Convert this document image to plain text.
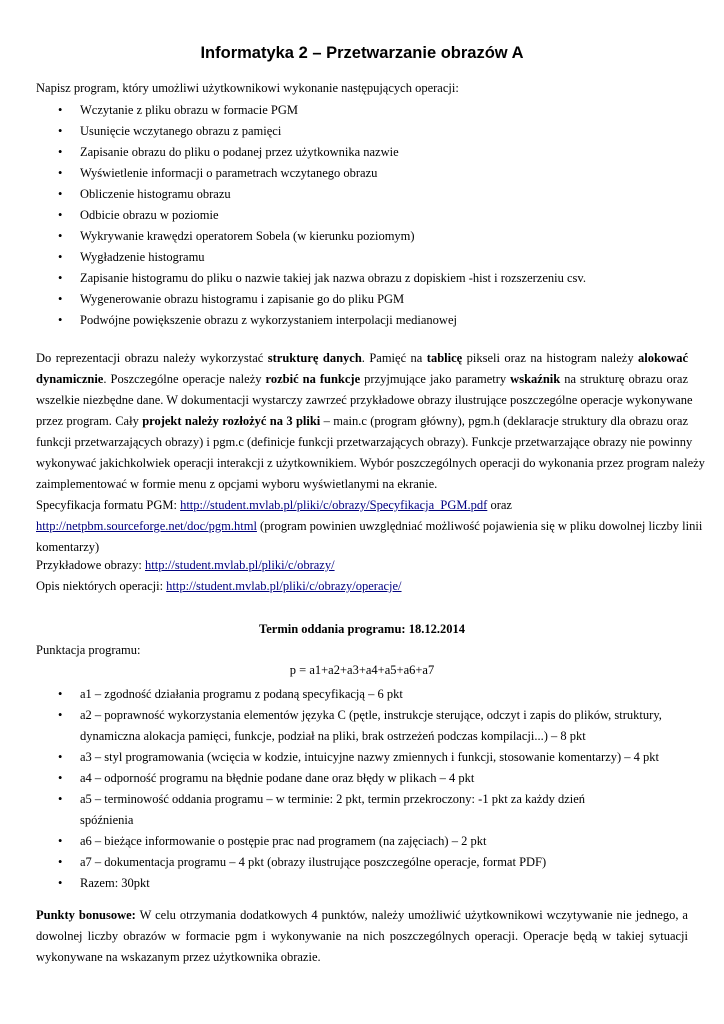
Informatyka 2 – Przetwarzanie obrazów A
Napisz program, który umożliwi użytkownikowi wykonanie następujących operacji:
• Wczytanie z pliku obrazu w formacie PGM
• Usunięcie wczytanego obrazu z pamięci
• Zapisanie obrazu do pliku o podanej przez użytkownika nazwie
• Wyświetlenie informacji o parametrach wczytanego obrazu
• Obliczenie histogramu obrazu
• Odbicie obrazu w poziomie
• Wykrywanie krawędzi operatorem Sobela (w kierunku poziomym)
• Wygładzenie histogramu
• Zapisanie histogramu do pliku o nazwie takiej jak nazwa obrazu z dopiskiem -hist i rozszerzeniu csv.
• Wygenerowanie obrazu histogramu i zapisanie go do pliku PGM
• Podwójne powiększenie obrazu z wykorzystaniem interpolacji medianowej
Do reprezentacji obrazu należy wykorzystać strukturę danych. Pamięć na tablicę pikseli oraz na histogram należy alokować
dynamicznie. Poszczególne operacje należy rozbić na funkcje przyjmujące jako parametry wskaźnik na strukturę obrazu oraz
wszelkie niezbędne dane. W dokumentacji wystarczy zawrzeć przykładowe obrazy ilustrujące poszczególne operacje wykonywane
przez program. Cały projekt należy rozłożyć na 3 pliki – main.c (program główny), pgm.h (deklaracje struktury dla obrazu oraz
funkcji przetwarzających obrazy) i pgm.c (definicje funkcji przetwarzających obrazy). Funkcje przetwarzające obrazy nie powinny
wykonywać jakichkolwiek operacji interakcji z użytkownikiem. Wybór poszczególnych operacji do wykonania przez program należy
zaimplementować w formie menu z opcjami wyboru wyświetlanymi na ekranie.
Specyfikacja formatu PGM: http://student.mvlab.pl/pliki/c/obrazy/Specyfikacja_PGM.pdf oraz
http://netpbm.sourceforge.net/doc/pgm.html (program powinien uwzględniać możliwość pojawienia się w pliku dowolnej liczby linii
komentarzy)
Przykładowe obrazy: http://student.mvlab.pl/pliki/c/obrazy/
Opis niektórych operacji: http://student.mvlab.pl/pliki/c/obrazy/operacje/
Termin oddania programu: 18.12.2014
Punktacja programu:
p = a1+a2+a3+a4+a5+a6+a7
• a1 – zgodność działania programu z podaną specyfikacją – 6 pkt
• a2 – poprawność wykorzystania elementów języka C (pętle, instrukcje sterujące, odczyt i zapis do plików, struktury,
dynamiczna alokacja pamięci, funkcje, podział na pliki, brak ostrzeżeń podczas kompilacji...) – 8 pkt
• a3 – styl programowania (wcięcia w kodzie, intuicyjne nazwy zmiennych i funkcji, stosowanie komentarzy) – 4 pkt
• a4 – odporność programu na błędnie podane dane oraz błędy w plikach – 4 pkt
• a5 – terminowość oddania programu – w terminie: 2 pkt, termin przekroczony: -1 pkt za każdy dzień
spóźnienia
• a6 – bieżące informowanie o postępie prac nad programem (na zajęciach) – 2 pkt
• a7 – dokumentacja programu – 4 pkt (obrazy ilustrujące poszczególne operacje, format PDF)
• Razem: 30pkt
Punkty bonusowe: W celu otrzymania dodatkowych 4 punktów, należy umożliwić użytkownikowi wczytywanie nie jednego, a
dowolnej liczby obrazów w formacie pgm i wykonywanie na nich poszczególnych operacji. Operacje będą w takiej sytuacji
wykonywane na wskazanym przez użytkownika obrazie.
